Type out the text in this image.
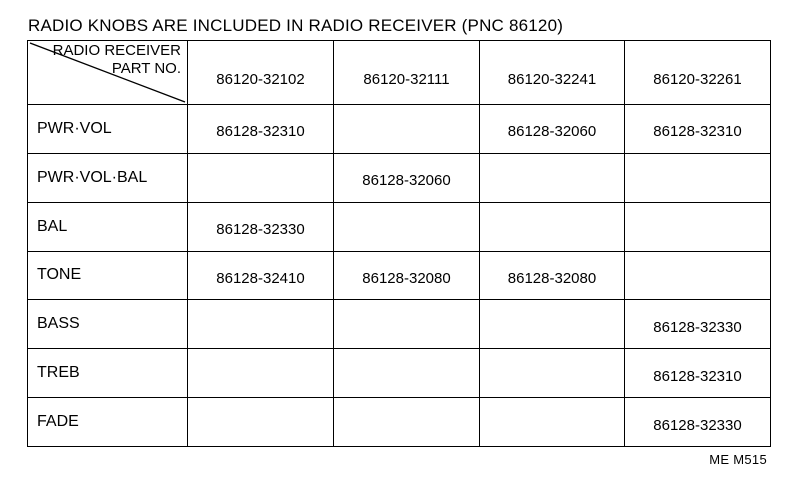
RADIO KNOBS ARE INCLUDED IN RADIO RECEIVER (PNC 86120)
RADIO RECEIVER
PART NO.	86120-32102	86120-32111	86120-32241	86120-32261
PWR·VOL	86128-32310		86128-32060	86128-32310
PWR·VOL·BAL		86128-32060		
BAL	86128-32330			
TONE	86128-32410	86128-32080	86128-32080	
BASS				86128-32330
TREB				86128-32310
FADE				86128-32330
ME M515
